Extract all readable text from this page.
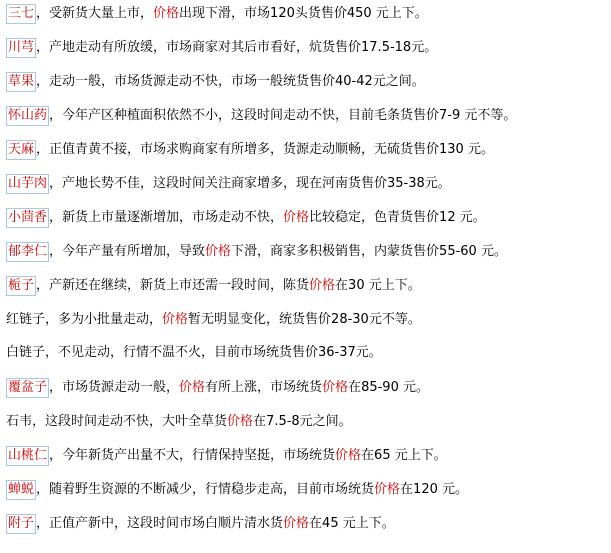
三七 ，受新货大量上市，价格出现下滑，市场120头货售价450 元上下。
川芎 ，产地走动有所放缓，市场商家对其后市看好，炕货售价17.5-18元。
草果 ，走动一般，市场货源走动不快，市场一般统货售价40-42元之间。
怀山药 ，今年产区种植面积依然不小，这段时间走动不快，目前毛条货售价7-9 元不等。
天麻 ，正值青黄不接，市场求购商家有所增多，货源走动顺畅，无硫货售价130 元。
山芋肉 ，产地长势不佳，这段时间关注商家增多，现在河南货售价35-38元。
小茴香 ，新货上市量逐渐增加，市场走动不快，价格比较稳定，色青货售价12 元。
郁李仁 ，今年产量有所增加，导致价格下滑，商家多积极销售，内蒙货售价55-60 元。
栀子 ，产新还在继续，新货上市还需一段时间，陈货价格在30 元上下。
红链子，多为小批量走动，价格暂无明显变化，统货售价28-30元不等。
白链子，不见走动，行情不温不火，目前市场统货售价36-37元。
覆盆子 ，市场货源走动一般，价格有所上涨，市场统货价格在85-90 元。
石韦，这段时间走动不快，大叶全草货价格在7.5-8元之间。
山桃仁 ，今年新货产出量不大，行情保持坚挺，市场统货价格在65 元上下。
蝉蜕 ，随着野生资源的不断减少，行情稳步走高，目前市场统货价格在120 元。
附子 ，正值产新中，这段时间市场白顺片清水货价格在45 元上下。
